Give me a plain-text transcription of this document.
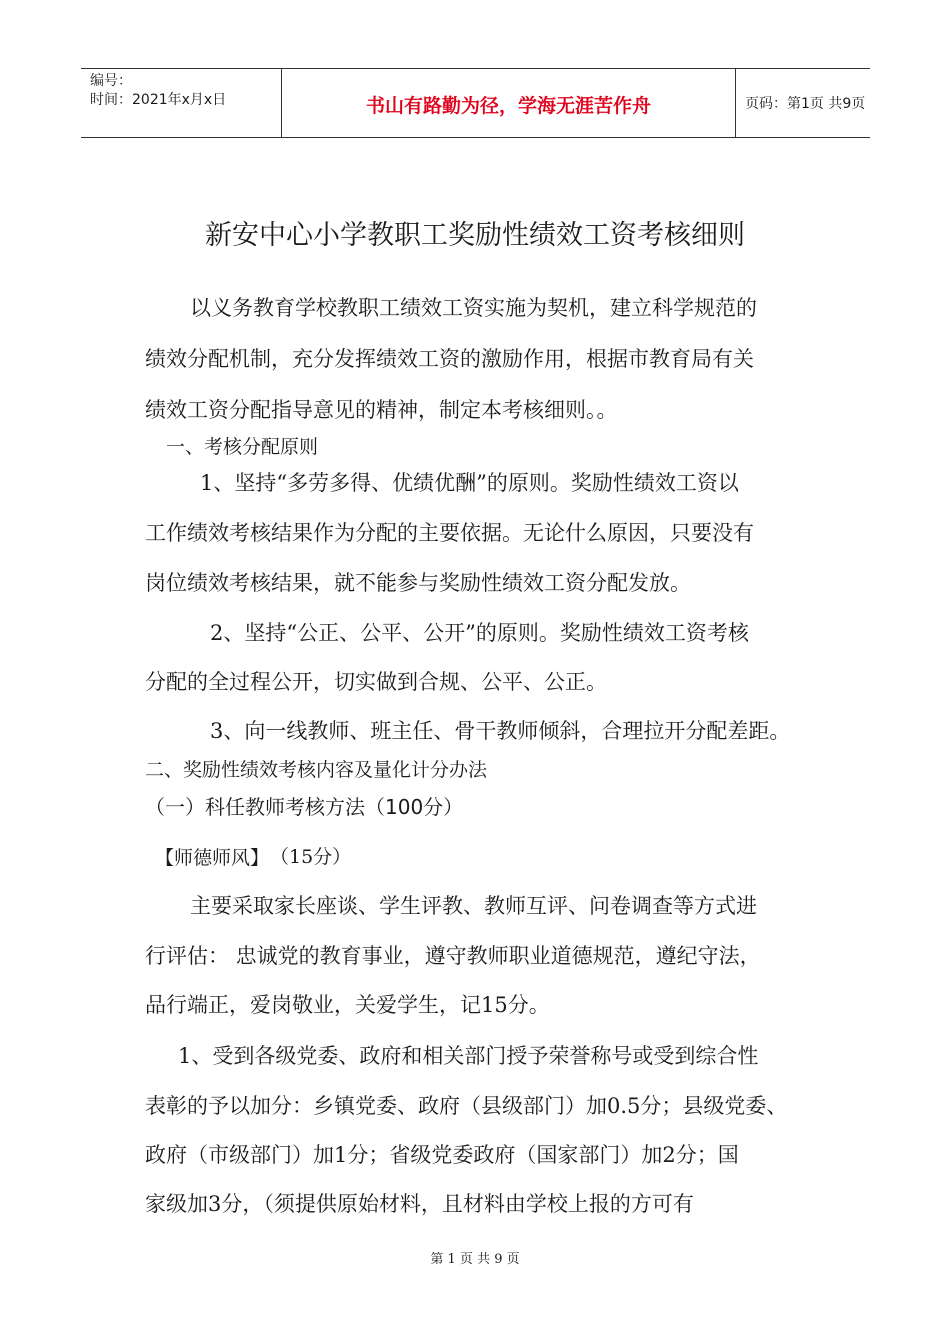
编号：
时间：2021年x月x日	书山有路勤为径，学海无涯苦作舟	页码：第1页 共9页
新安中心小学教职工奖励性绩效工资考核细则
以义务教育学校教职工绩效工资实施为契机，建立科学规范的
绩效分配机制，充分发挥绩效工资的激励作用，根据市教育局有关
绩效工资分配指导意见的精神，制定本考核细则。。
一、考核分配原则
1、坚持“多劳多得、优绩优酬”的原则。奖励性绩效工资以
工作绩效考核结果作为分配的主要依据。无论什么原因，只要没有
岗位绩效考核结果，就不能参与奖励性绩效工资分配发放。
2、坚持“公正、公平、公开”的原则。奖励性绩效工资考核
分配的全过程公开，切实做到合规、公平、公正。
3、向一线教师、班主任、骨干教师倾斜，合理拉开分配差距。
二、奖励性绩效考核内容及量化计分办法
（一）科任教师考核方法（100分）
【师德师风】 （15分）
主要采取家长座谈、学生评教、教师互评、问卷调查等方式进
行评估： 忠诚党的教育事业，遵守教师职业道德规范，遵纪守法，
品行端正，爱岗敬业，关爱学生，记15分。
1、受到各级党委、政府和相关部门授予荣誉称号或受到综合性
表彰的予以加分：乡镇党委、政府（县级部门）加0.5分；县级党委、
政府（市级部门）加1分；省级党委政府（国家部门）加2分；国
家级加3分，（须提供原始材料，且材料由学校上报的方可有
第 1 页 共 9 页
